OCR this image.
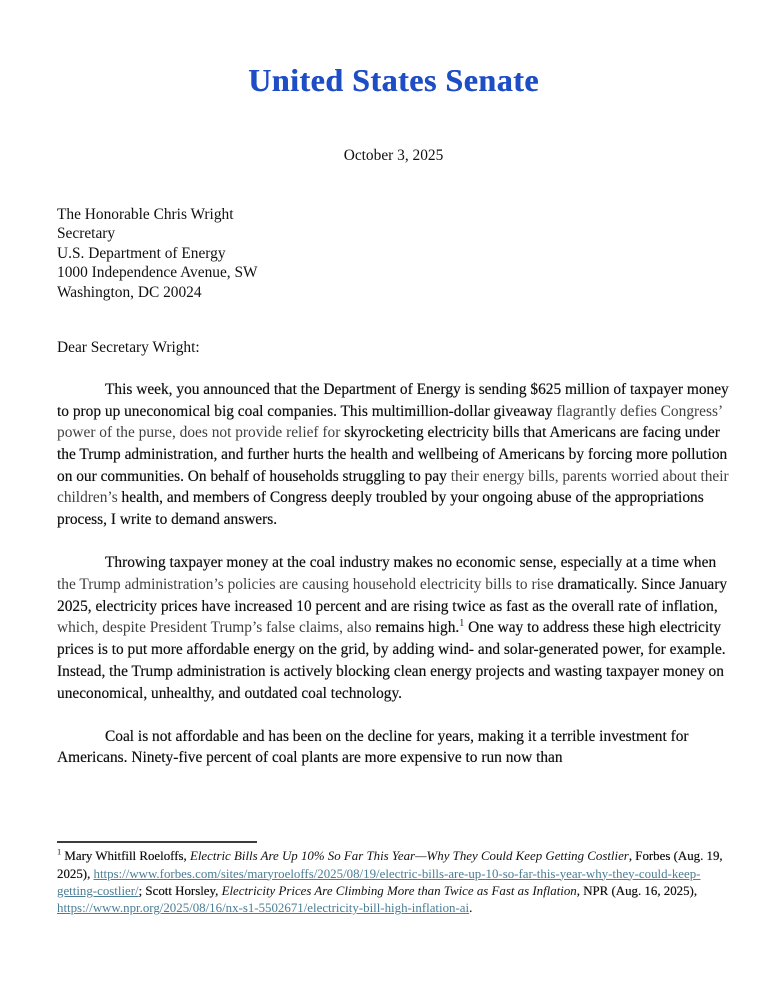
United States Senate
October 3, 2025
The Honorable Chris Wright
Secretary
U.S. Department of Energy
1000 Independence Avenue, SW
Washington, DC 20024
Dear Secretary Wright:

This week, you announced that the Department of Energy is sending $625 million of taxpayer money to prop up uneconomical big coal companies. This multimillion-dollar giveaway flagrantly defies Congress’ power of the purse, does not provide relief for skyrocketing electricity bills that Americans are facing under the Trump administration, and further hurts the health and wellbeing of Americans by forcing more pollution on our communities. On behalf of households struggling to pay their energy bills, parents worried about their children’s health, and members of Congress deeply troubled by your ongoing abuse of the appropriations process, I write to demand answers.

Throwing taxpayer money at the coal industry makes no economic sense, especially at a time when the Trump administration’s policies are causing household electricity bills to rise dramatically. Since January 2025, electricity prices have increased 10 percent and are rising twice as fast as the overall rate of inflation, which, despite President Trump’s false claims, also remains high.$^1$ One way to address these high electricity prices is to put more affordable energy on the grid, by adding wind- and solar-generated power, for example. Instead, the Trump administration is actively blocking clean energy projects and wasting taxpayer money on uneconomical, unhealthy, and outdated coal technology.

Coal is not affordable and has been on the decline for years, making it a terrible investment for Americans. Ninety-five percent of coal plants are more expensive to run now than

$^1$ Mary Whitfill Roeloffs, Electric Bills Are Up 10% So Far This Year—Why They Could Keep Getting Costlier, Forbes (Aug. 19, 2025), https://www.forbes.com/sites/maryroeloffs/2025/08/19/electric-bills-are-up-10-so-far-this-year-why-they-could-keep-getting-costlier/; Scott Horsley, Electricity Prices Are Climbing More than Twice as Fast as Inflation, NPR (Aug. 16, 2025), https://www.npr.org/2025/08/16/nx-s1-5502671/electricity-bill-high-inflation-ai.
